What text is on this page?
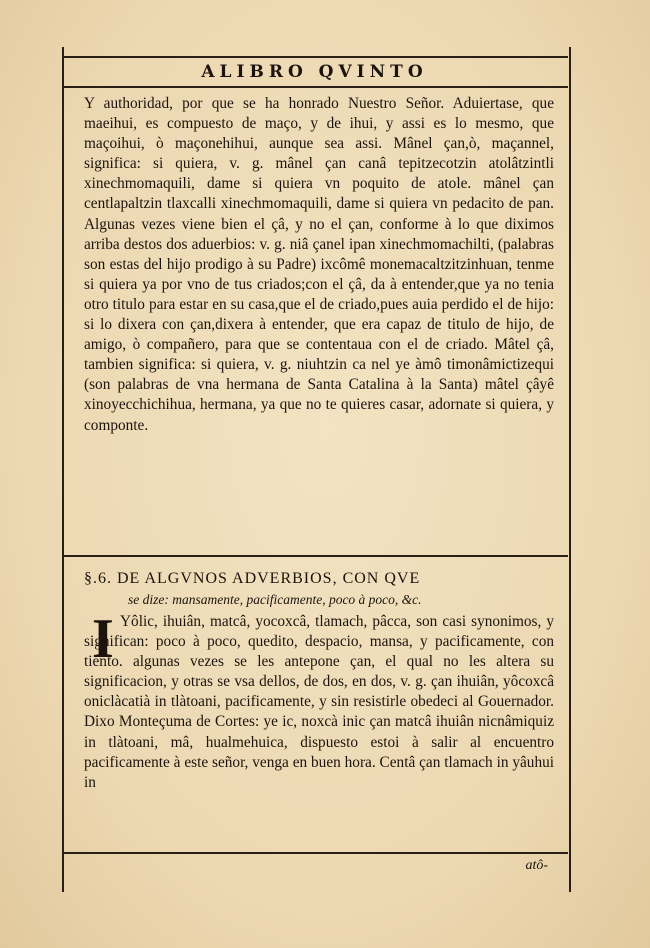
ALIBRO QVINTO

Y authoridad, por que se ha honrado Nuestro Señor. Aduiertase, que maeihui, es compuesto de maço, y de ihui, y assi es lo mesmo, que maçoihui, ò maçonehihui, aunque sea assi. Mânel çan,ò, maçannel, significa: si quiera, v. g. mânel çan canâ tepitzecotzin atolâtzintli xinechmomaquili, dame si quiera vn poquito de atole. mânel çan centlapaltzin tlaxcalli xinechmomaquili, dame si quiera vn pedacito de pan. Algunas vezes viene bien el çâ, y no el çan, conforme à lo que diximos arriba destos dos aduerbios: v. g. niâ çanel ipan xinechmomachilti, (palabras son estas del hijo prodigo à su Padre) ixcômê monemacaltzitzinhuan, tenme si quiera ya por vno de tus criados;con el çâ, da à entender,que ya no tenia otro titulo para estar en su casa,que el de criado,pues auia perdido el de hijo: si lo dixera con çan,dixera à entender, que era capaz de titulo de hijo, de amigo, ò compañero, para que se contentaua con el de criado. Mâtel çâ, tambien significa: si quiera, v. g. niuhtzin ca nel ye àmô timonâmictizequi (son palabras de vna hermana de Santa Catalina à la Santa) mâtel çâyê xinoyecchichihua, hermana, ya que no te quieres casar, adornate si quiera, y componte.

§.6. DE ALGVNOS ADVERBIOS, CON QVE
se dize: mansamente, pacificamente, poco à poco, &c.
I Yôlic, ihuiân, matcâ, yocoxcâ, tlamach, pâcca, son casi synonimos, y significan: poco à poco, quedito, despacio, mansa, y pacificamente, con tiento. algunas vezes se les antepone çan, el qual no les altera su significacion, y otras se vsa dellos, de dos, en dos, v. g. çan ihuiân, yôcoxcâ oniclàcatià in tlàtoani, pacificamente, y sin resistirle obedeci al Gouernador. Dixo Monteçuma de Cortes: ye ic, noxcà inic çan matcâ ihuiân nicnâmiquiz in tlàtoani, mâ, hualmehuica, dispuesto estoi à salir al encuentro pacificamente à este señor, venga en buen hora. Centâ çan tlamach in yâuhui in

atô-
